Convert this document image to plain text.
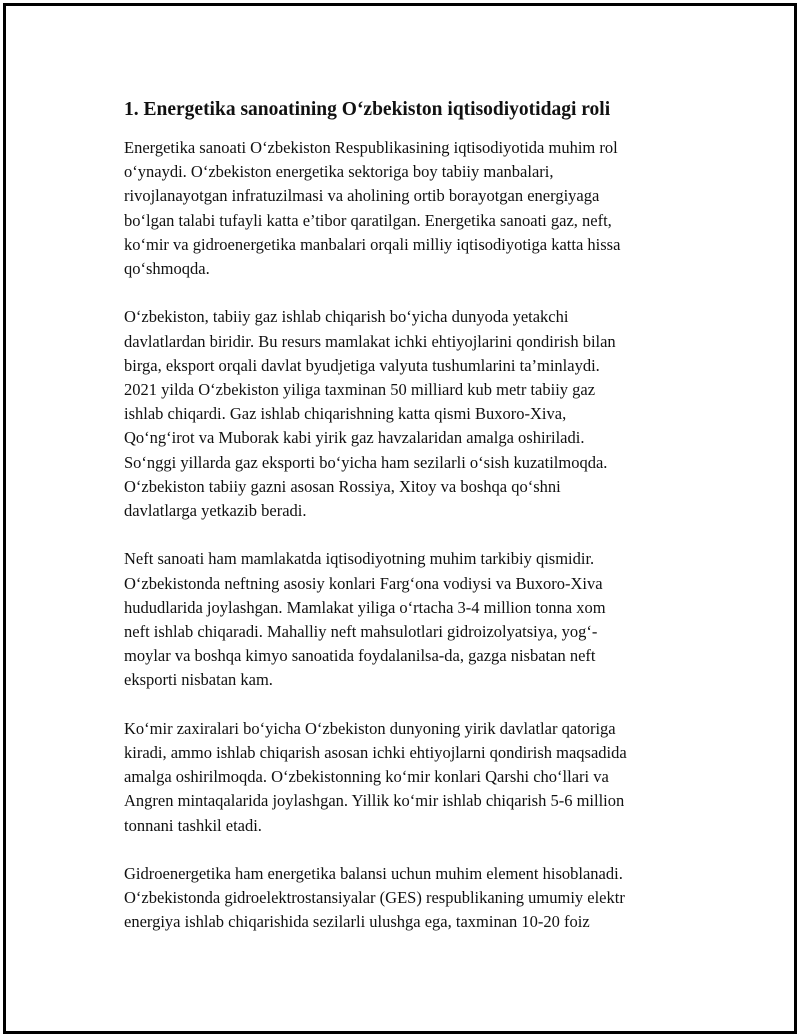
1. Energetika sanoatining O‘zbekiston iqtisodiyotidagi roli

Energetika sanoati O‘zbekiston Respublikasining iqtisodiyotida muhim rol
o‘ynaydi. O‘zbekiston energetika sektoriga boy tabiiy manbalari,
rivojlanayotgan infratuzilmasi va aholining ortib borayotgan energiyaga
bo‘lgan talabi tufayli katta e’tibor qaratilgan. Energetika sanoati gaz, neft,
ko‘mir va gidroenergetika manbalari orqali milliy iqtisodiyotiga katta hissa
qo‘shmoqda.

O‘zbekiston, tabiiy gaz ishlab chiqarish bo‘yicha dunyoda yetakchi
davlatlardan biridir. Bu resurs mamlakat ichki ehtiyojlarini qondirish bilan
birga, eksport orqali davlat byudjetiga valyuta tushumlarini ta’minlaydi.
2021 yilda O‘zbekiston yiliga taxminan 50 milliard kub metr tabiiy gaz
ishlab chiqardi. Gaz ishlab chiqarishning katta qismi Buxoro-Xiva,
Qo‘ng‘irot va Muborak kabi yirik gaz havzalaridan amalga oshiriladi.
So‘nggi yillarda gaz eksporti bo‘yicha ham sezilarli o‘sish kuzatilmoqda.
O‘zbekiston tabiiy gazni asosan Rossiya, Xitoy va boshqa qo‘shni
davlatlarga yetkazib beradi.

Neft sanoati ham mamlakatda iqtisodiyotning muhim tarkibiy qismidir.
O‘zbekistonda neftning asosiy konlari Farg‘ona vodiysi va Buxoro-Xiva
hududlarida joylashgan. Mamlakat yiliga o‘rtacha 3-4 million tonna xom
neft ishlab chiqaradi. Mahalliy neft mahsulotlari gidroizolyatsiya, yog‘-
moylar va boshqa kimyo sanoatida foydalanilsa-da, gazga nisbatan neft
eksporti nisbatan kam.

Ko‘mir zaxiralari bo‘yicha O‘zbekiston dunyoning yirik davlatlar qatoriga
kiradi, ammo ishlab chiqarish asosan ichki ehtiyojlarni qondirish maqsadida
amalga oshirilmoqda. O‘zbekistonning ko‘mir konlari Qarshi cho‘llari va
Angren mintaqalarida joylashgan. Yillik ko‘mir ishlab chiqarish 5-6 million
tonnani tashkil etadi.

Gidroenergetika ham energetika balansi uchun muhim element hisoblanadi.
O‘zbekistonda gidroelektrostansiyalar (GES) respublikaning umumiy elektr
energiya ishlab chiqarishida sezilarli ulushga ega, taxminan 10-20 foiz
